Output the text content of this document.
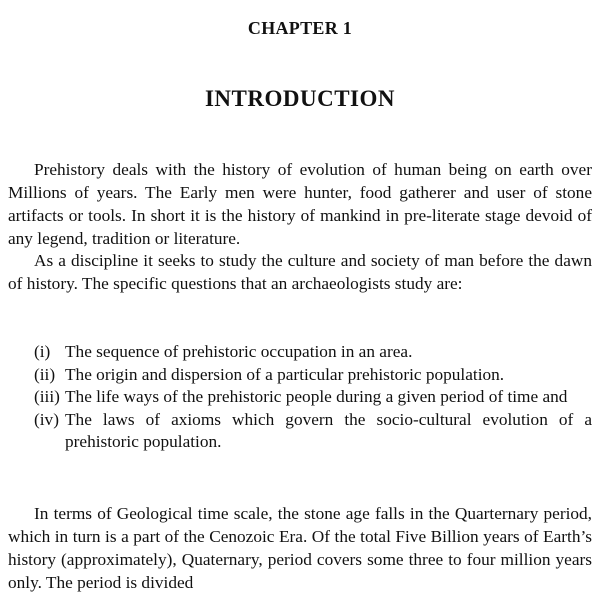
CHAPTER 1
INTRODUCTION

Prehistory deals with the history of evolution of human being on earth over Millions of years. The Early men were hunter, food gatherer and user of stone artifacts or tools. In short it is the history of mankind in pre-literate stage devoid of any legend, tradition or literature.

As a discipline it seeks to study the culture and society of man before the dawn of history. The specific questions that an archaeologists study are:

(i) The sequence of prehistoric occupation in an area.
(ii) The origin and dispersion of a particular prehistoric population.
(iii) The life ways of the prehistoric people during a given period of time and
(iv) The laws of axioms which govern the socio-cultural evolution of a prehistoric population.

In terms of Geological time scale, the stone age falls in the Quarternary period, which in turn is a part of the Cenozoic Era. Of the total Five Billion years of Earth’s history (approximately), Quaternary, period covers some three to four million years only. The period is divided
